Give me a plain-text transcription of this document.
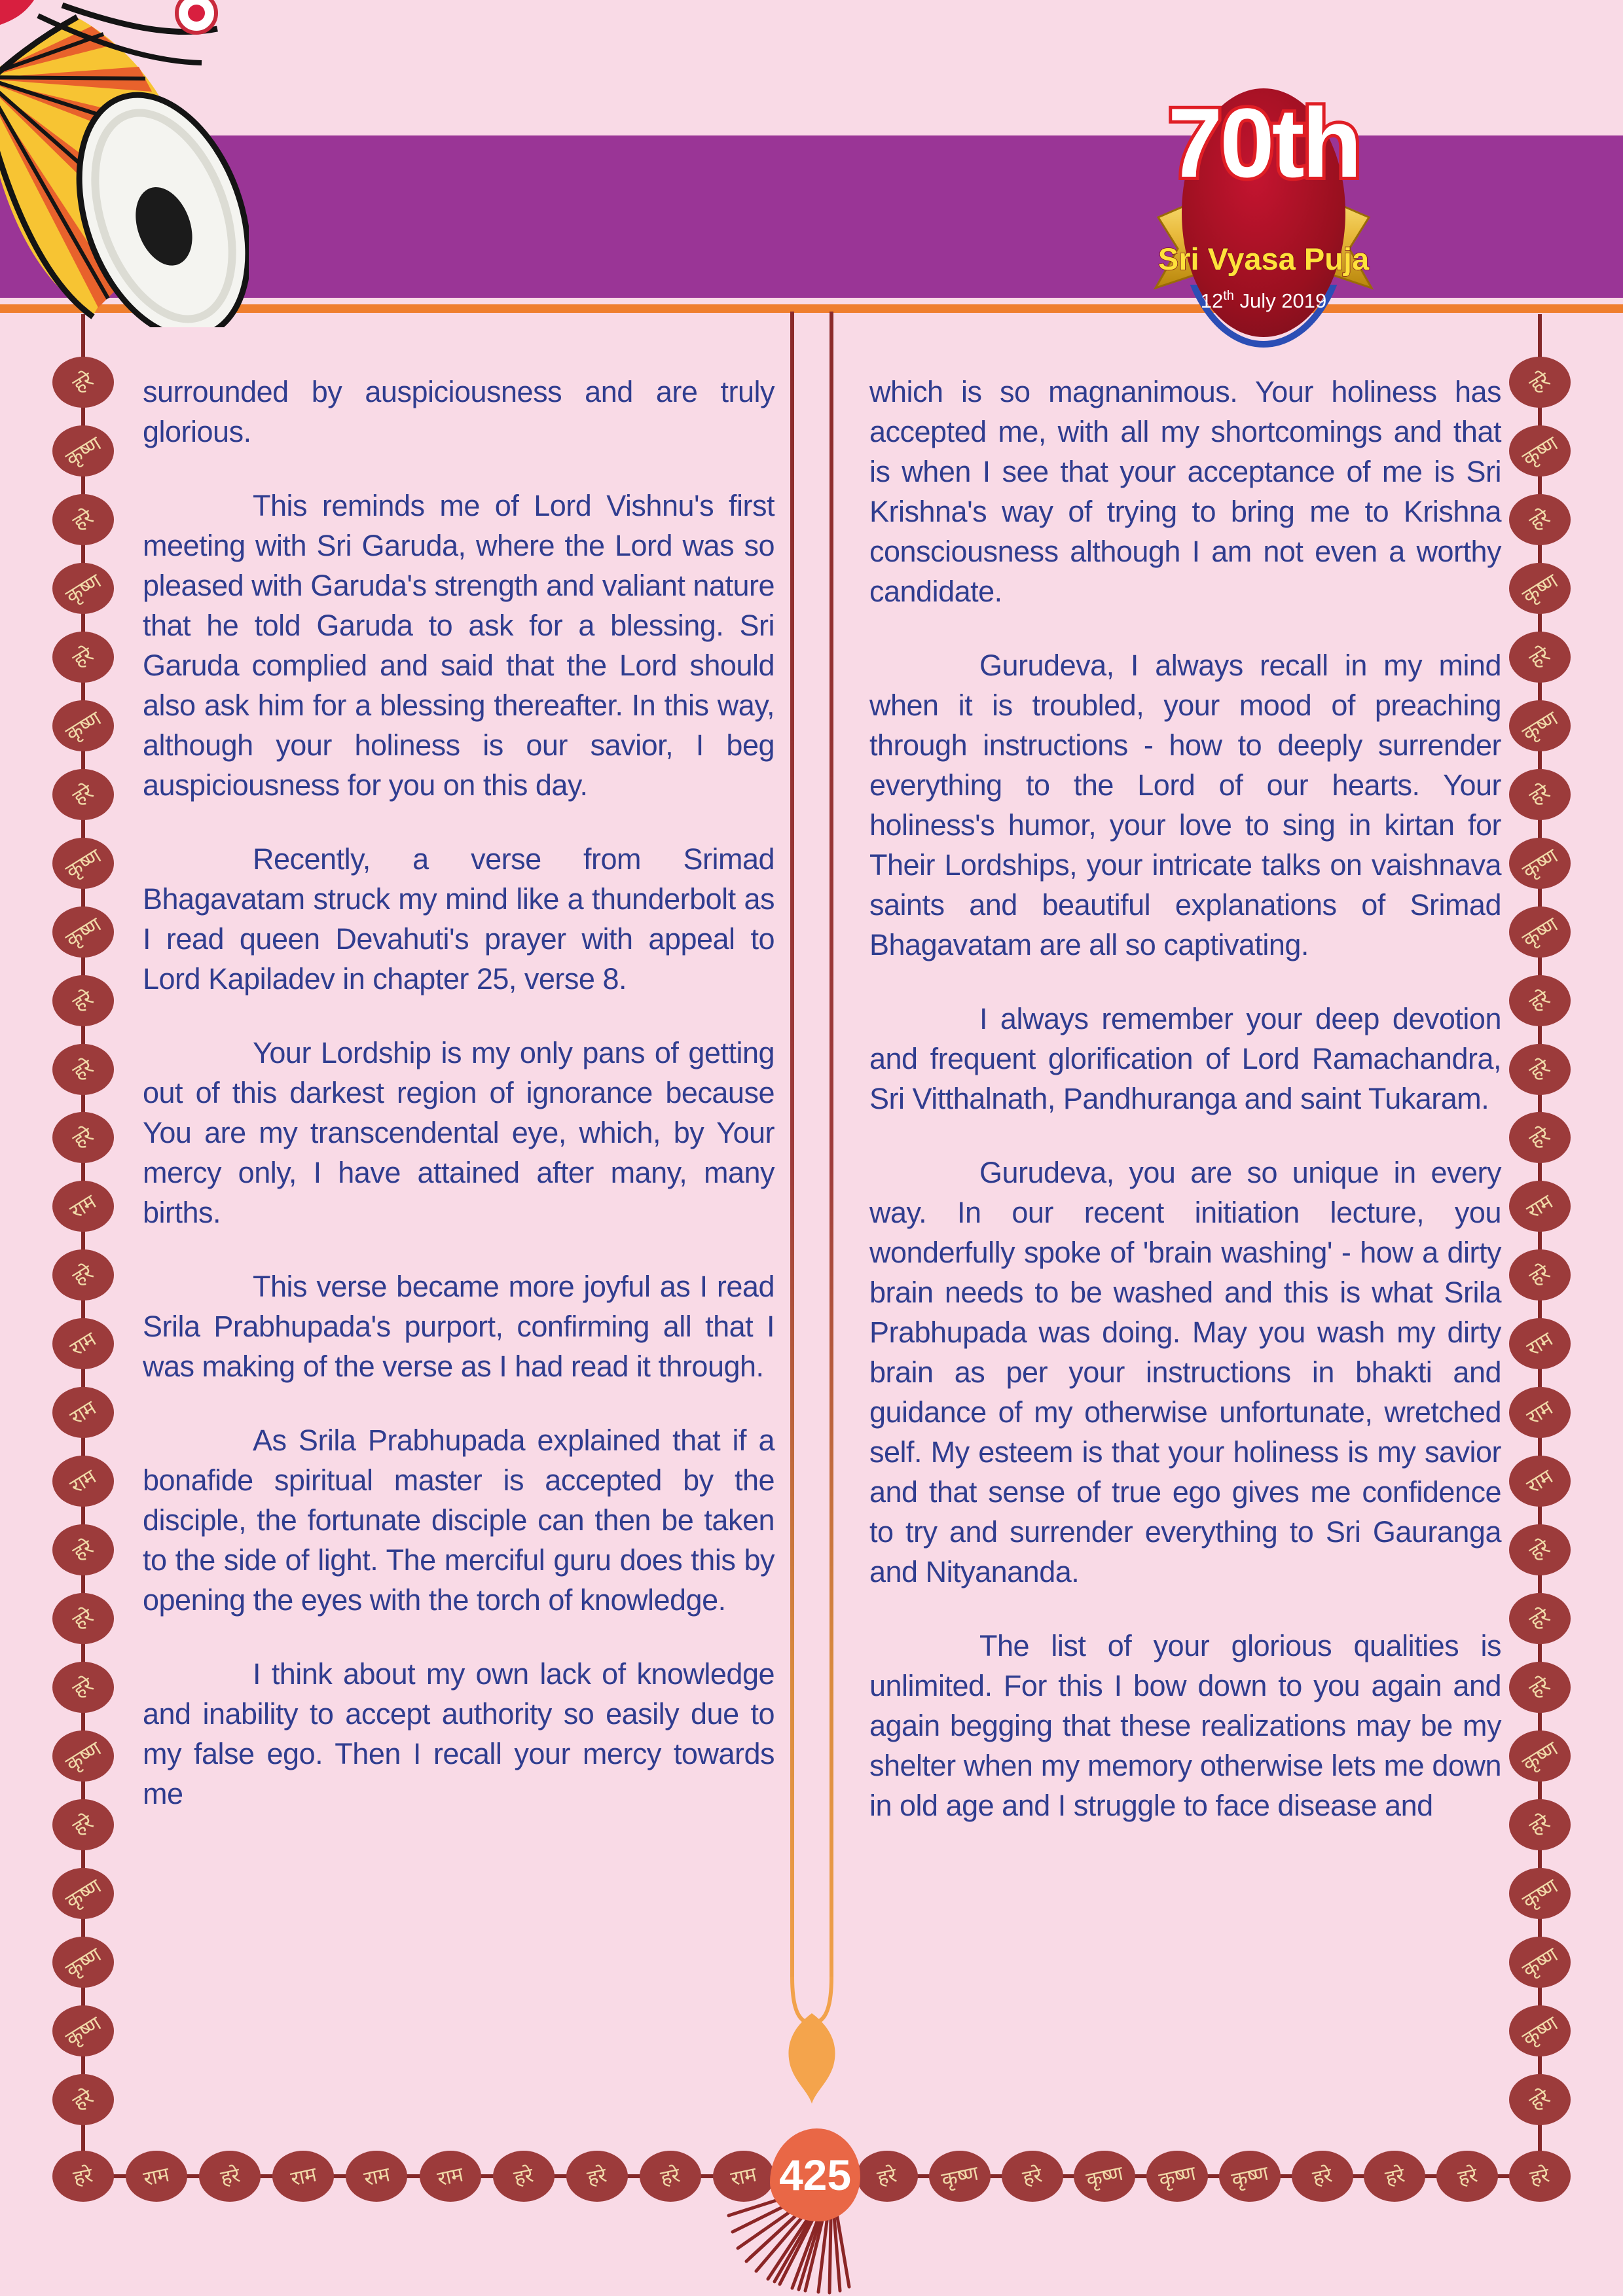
70th
Sri Vyasa Puja
12th July 2019

surrounded by auspiciousness and are truly glorious.

This reminds me of Lord Vishnu's first meeting with Sri Garuda, where the Lord was so pleased with Garuda's strength and valiant nature that he told Garuda to ask for a blessing. Sri Garuda complied and said that the Lord should also ask him for a blessing thereafter. In this way, although your holiness is our savior, I beg auspiciousness for you on this day.

Recently, a verse from Srimad Bhagavatam struck my mind like a thunderbolt as I read queen Devahuti's prayer with appeal to Lord Kapiladev in chapter 25, verse 8.

Your Lordship is my only pans of getting out of this darkest region of ignorance because You are my transcendental eye, which, by Your mercy only, I have attained after many, many births.

This verse became more joyful as I read Srila Prabhupada's purport, confirming all that I was making of the verse as I had read it through.

As Srila Prabhupada explained that if a bonafide spiritual master is accepted by the disciple, the fortunate disciple can then be taken to the side of light. The merciful guru does this by opening the eyes with the torch of knowledge.

I think about my own lack of knowledge and inability to accept authority so easily due to my false ego. Then I recall your mercy towards me

which is so magnanimous. Your holiness has accepted me, with all my shortcomings and that is when I see that your acceptance of me is Sri Krishna's way of trying to bring me to Krishna consciousness although I am not even a worthy candidate.

Gurudeva, I always recall in my mind when it is troubled, your mood of preaching through instructions - how to deeply surrender everything to the Lord of our hearts. Your holiness's humor, your love to sing in kirtan for Their Lordships, your intricate talks on vaishnava saints and beautiful explanations of Srimad Bhagavatam are all so captivating.

I always remember your deep devotion and frequent glorification of Lord Ramachandra, Sri Vitthalnath, Pandhuranga and saint Tukaram.

Gurudeva, you are so unique in every way. In our recent initiation lecture, you wonderfully spoke of 'brain washing' - how a dirty brain needs to be washed and this is what Srila Prabhupada was doing. May you wash my dirty brain as per your instructions in bhakti and guidance of my otherwise unfortunate, wretched self. My esteem is that your holiness is my savior and that sense of true ego gives me confidence to try and surrender everything to Sri Gauranga and Nityananda.

The list of your glorious qualities is unlimited. For this I bow down to you again and again begging that these realizations may be my shelter when my memory otherwise lets me down in old age and I struggle to face disease and

हरे
कृष्ण
हरे
कृष्ण
हरे
कृष्ण
हरे
कृष्ण
कृष्ण
हरे
हरे
हरे
राम
हरे
राम
राम
राम
हरे
हरे
हरे
कृष्ण
हरे
कृष्ण
कृष्ण
कृष्ण
हरे
हरे
कृष्ण
हरे
कृष्ण
हरे
कृष्ण
हरे
कृष्ण
कृष्ण
हरे
हरे
हरे
राम
हरे
राम
राम
राम
हरे
हरे
हरे
कृष्ण
हरे
कृष्ण
कृष्ण
कृष्ण
हरे
हरे राम हरे राम राम राम हरे हरे हरे राम	हरे कृष्ण हरे कृष्ण कृष्ण कृष्ण हरे हरे हरे हरे
425
